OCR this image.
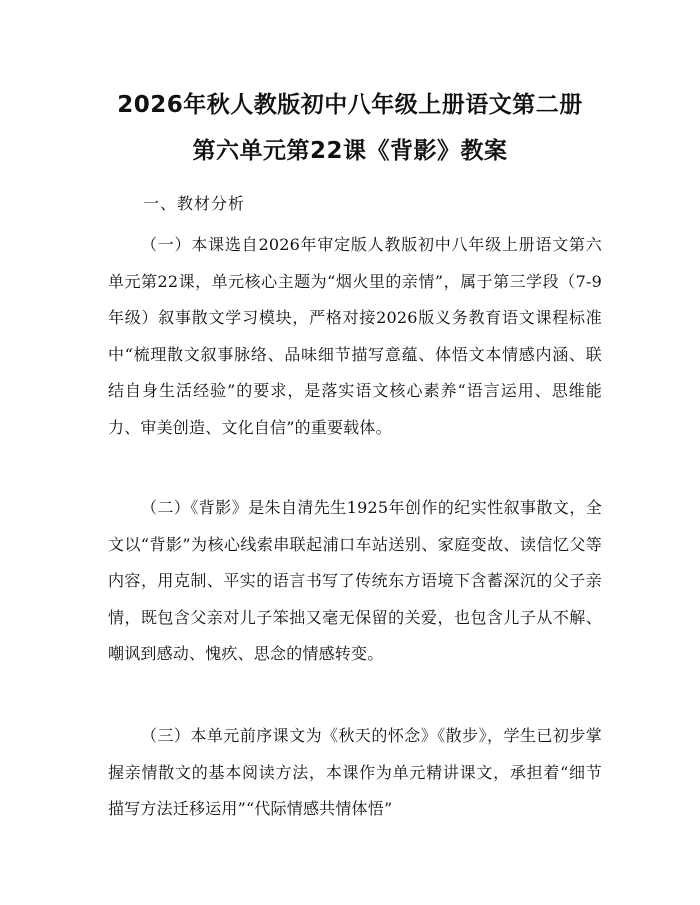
2026年秋人教版初中八年级上册语文第二册
第六单元第22课《背影》教案
一、教材分析

（一）本课选自2026年审定版人教版初中八年级上册语文第六单元第22课，单元核心主题为“烟火里的亲情”，属于第三学段（7-9年级）叙事散文学习模块，严格对接2026版义务教育语文课程标准中“梳理散文叙事脉络、品味细节描写意蕴、体悟文本情感内涵、联结自身生活经验”的要求，是落实语文核心素养“语言运用、思维能力、审美创造、文化自信”的重要载体。

（二）《背影》是朱自清先生1925年创作的纪实性叙事散文，全文以“背影”为核心线索串联起浦口车站送别、家庭变故、读信忆父等内容，用克制、平实的语言书写了传统东方语境下含蓄深沉的父子亲情，既包含父亲对儿子笨拙又毫无保留的关爱，也包含儿子从不解、嘲讽到感动、愧疚、思念的情感转变。

（三）本单元前序课文为《秋天的怀念》《散步》，学生已初步掌握亲情散文的基本阅读方法，本课作为单元精讲课文，承担着“细节描写方法迁移运用”“代际情感共情体悟”
